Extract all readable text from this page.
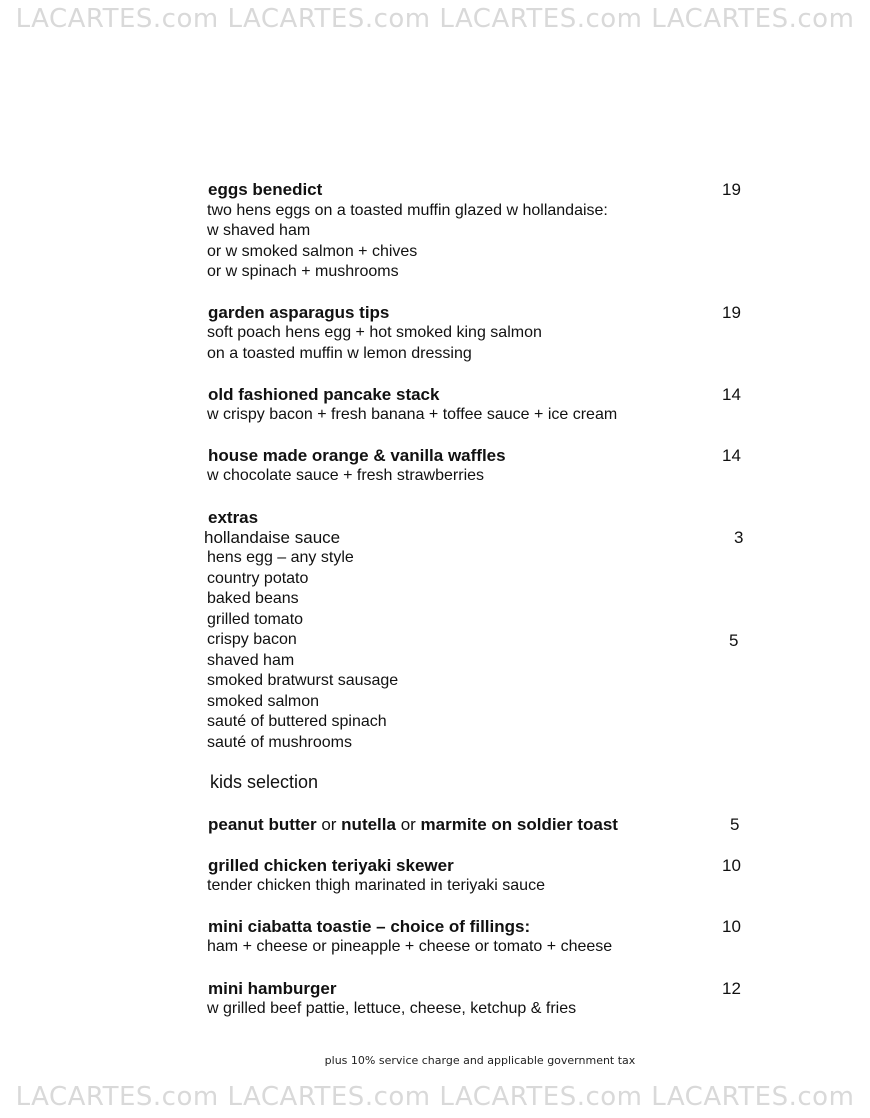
LACARTES.com LACARTES.com LACARTES.com LACARTES.com
LACARTES.com LACARTES.com LACARTES.com LACARTES.com
eggs benedict	19
two hens eggs on a toasted muffin glazed w hollandaise:
w shaved ham
or w smoked salmon + chives
or w spinach + mushrooms
garden asparagus tips	19
soft poach hens egg + hot smoked king salmon
on a toasted muffin w lemon dressing
old fashioned pancake stack	14
w crispy bacon + fresh banana + toffee sauce + ice cream
house made orange & vanilla waffles	14
w chocolate sauce + fresh strawberries
extras
hollandaise sauce	3
hens egg – any style
country potato
baked beans
grilled tomato
crispy bacon	5
shaved ham
smoked bratwurst sausage
smoked salmon
sauté of buttered spinach
sauté of mushrooms
kids selection
peanut butter or nutella or marmite on soldier toast	5
grilled chicken teriyaki skewer	10
tender chicken thigh marinated in teriyaki sauce
mini ciabatta toastie – choice of fillings:	10
ham + cheese or pineapple + cheese or tomato + cheese
mini hamburger	12
w grilled beef pattie, lettuce, cheese, ketchup & fries
plus 10% service charge and applicable government tax
